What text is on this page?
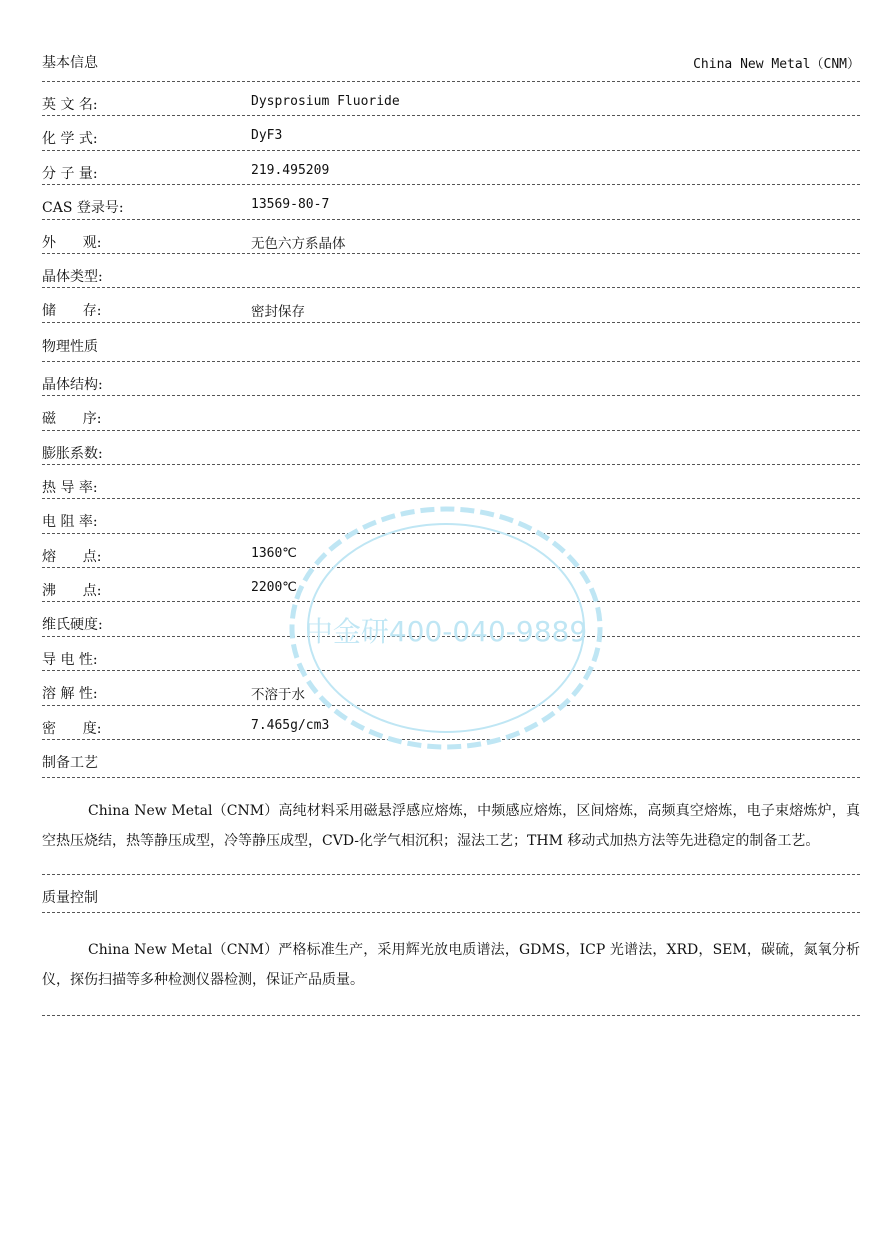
基本信息	China New Metal（CNM）
英 文 名:	Dysprosium Fluoride
化 学 式:	DyF3
分 子 量:	219.495209
CAS 登录号:	13569-80-7
外      观:	无色六方系晶体
晶体类型:
储      存:	密封保存
物理性质
晶体结构:
磁      序:
膨胀系数:
热 导 率:
电 阻 率:
熔      点:	1360℃
沸      点:	2200℃
维氏硬度:
导 电 性:
溶 解 性:	不溶于水
密      度:	7.465g/cm3
制备工艺
China New Metal（CNM）高纯材料采用磁悬浮感应熔炼，中频感应熔炼，区间熔炼，高频真空熔炼，电子束熔炼炉，真空热压烧结，热等静压成型，冷等静压成型，CVD-化学气相沉积；湿法工艺；THM 移动式加热方法等先进稳定的制备工艺。
质量控制
China New Metal（CNM）严格标准生产，采用辉光放电质谱法，GDMS，ICP 光谱法，XRD，SEM，碳硫，氮氧分析仪，探伤扫描等多种检测仪器检测，保证产品质量。
中金研400-040-9889
